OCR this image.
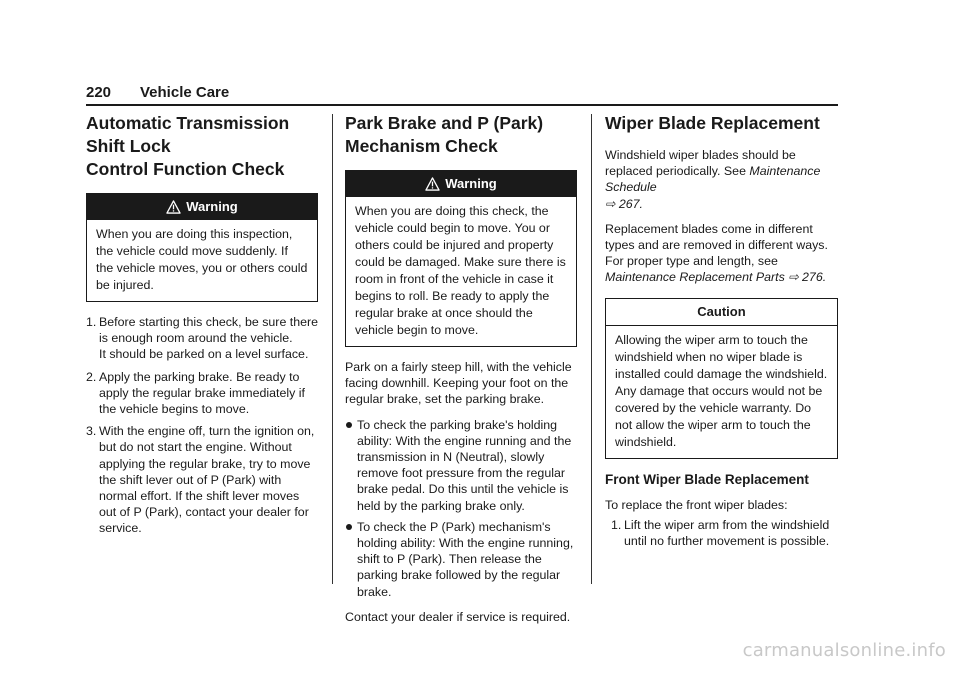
220 Vehicle Care
Automatic Transmission Shift Lock
Control Function Check
Warning
When you are doing this inspection, the vehicle could move suddenly. If the vehicle moves, you or others could be injured.
1. Before starting this check, be sure there is enough room around the vehicle.
It should be parked on a level surface.
2. Apply the parking brake. Be ready to apply the regular brake immediately if the vehicle begins to move.
3. With the engine off, turn the ignition on, but do not start the engine. Without applying the regular brake, try to move the shift lever out of P (Park) with normal effort. If the shift lever moves out of P (Park), contact your dealer for service.
Park Brake and P (Park)
Mechanism Check
Warning
When you are doing this check, the vehicle could begin to move. You or others could be injured and property could be damaged. Make sure there is room in front of the vehicle in case it begins to roll. Be ready to apply the regular brake at once should the vehicle begin to move.

Park on a fairly steep hill, with the vehicle facing downhill. Keeping your foot on the regular brake, set the parking brake.

To check the parking brake's holding ability: With the engine running and the transmission in N (Neutral), slowly remove foot pressure from the regular brake pedal. Do this until the vehicle is held by the parking brake only.
To check the P (Park) mechanism's holding ability: With the engine running, shift to P (Park). Then release the parking brake followed by the regular brake.

Contact your dealer if service is required.

Wiper Blade Replacement

Windshield wiper blades should be replaced periodically. See Maintenance Schedule
⇨ 267.

Replacement blades come in different types and are removed in different ways. For proper type and length, see Maintenance Replacement Parts ⇨ 276.

Caution
Allowing the wiper arm to touch the windshield when no wiper blade is installed could damage the windshield. Any damage that occurs would not be covered by the vehicle warranty. Do not allow the wiper arm to touch the windshield.
Front Wiper Blade Replacement

To replace the front wiper blades:

1. Lift the wiper arm from the windshield until no further movement is possible.
carmanualsonline.info
